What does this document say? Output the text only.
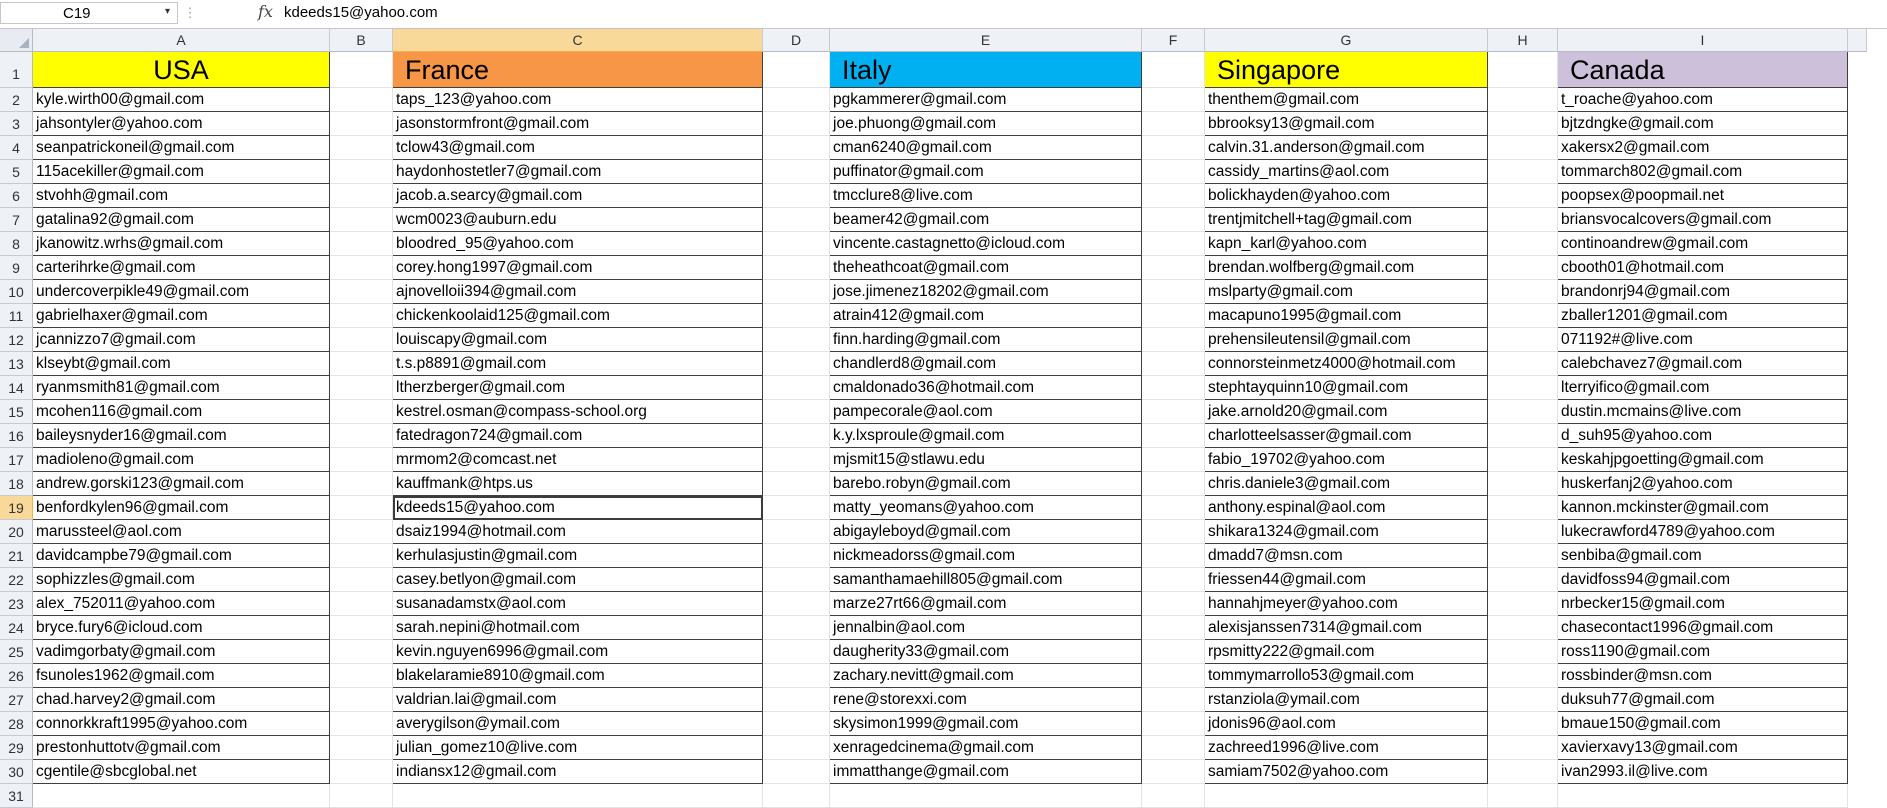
C19	▾ ⋮	fx kdeeds15@yahoo.com
A	B	C	D	E	F	G	H	I
1
2
3
4
5
6
7
8
9
10
11
12
13
14
15
16
17
18
19
20
21
22
23
24
25
26
27
28
29
30
31
USA	France	Italy	Singapore	Canada
kyle.wirth00@gmail.com	taps_123@yahoo.com	pgkammerer@gmail.com	thenthem@gmail.com	t_roache@yahoo.com
jahsontyler@yahoo.com	jasonstormfront@gmail.com	joe.phuong@gmail.com	bbrooksy13@gmail.com	bjtzdngke@gmail.com
seanpatrickoneil@gmail.com	tclow43@gmail.com	cman6240@gmail.com	calvin.31.anderson@gmail.com	xakersx2@gmail.com
115acekiller@gmail.com	haydonhostetler7@gmail.com	puffinator@gmail.com	cassidy_martins@aol.com	tommarch802@gmail.com
stvohh@gmail.com	jacob.a.searcy@gmail.com	tmcclure8@live.com	bolickhayden@yahoo.com	poopsex@poopmail.net
gatalina92@gmail.com	wcm0023@auburn.edu	beamer42@gmail.com	trentjmitchell+tag@gmail.com	briansvocalcovers@gmail.com
jkanowitz.wrhs@gmail.com	bloodred_95@yahoo.com	vincente.castagnetto@icloud.com	kapn_karl@yahoo.com	continoandrew@gmail.com
carterihrke@gmail.com	corey.hong1997@gmail.com	theheathcoat@gmail.com	brendan.wolfberg@gmail.com	cbooth01@hotmail.com
undercoverpikle49@gmail.com	ajnovelloii394@gmail.com	jose.jimenez18202@gmail.com	mslparty@gmail.com	brandonrj94@gmail.com
gabrielhaxer@gmail.com	chickenkoolaid125@gmail.com	atrain412@gmail.com	macapuno1995@gmail.com	zballer1201@gmail.com
jcannizzo7@gmail.com	louiscapy@gmail.com	finn.harding@gmail.com	prehensileutensil@gmail.com	071192#@live.com
klseybt@gmail.com	t.s.p8891@gmail.com	chandlerd8@gmail.com	connorsteinmetz4000@hotmail.com	calebchavez7@gmail.com
ryanmsmith81@gmail.com	ltherzberger@gmail.com	cmaldonado36@hotmail.com	stephtayquinn10@gmail.com	lterryifico@gmail.com
mcohen116@gmail.com	kestrel.osman@compass-school.org	pampecorale@aol.com	jake.arnold20@gmail.com	dustin.mcmains@live.com
baileysnyder16@gmail.com	fatedragon724@gmail.com	k.y.lxsproule@gmail.com	charlotteelsasser@gmail.com	d_suh95@yahoo.com
madioleno@gmail.com	mrmom2@comcast.net	mjsmit15@stlawu.edu	fabio_19702@yahoo.com	keskahjpgoetting@gmail.com
andrew.gorski123@gmail.com	kauffmank@htps.us	barebo.robyn@gmail.com	chris.daniele3@gmail.com	huskerfanj2@yahoo.com
benfordkylen96@gmail.com	kdeeds15@yahoo.com	matty_yeomans@yahoo.com	anthony.espinal@aol.com	kannon.mckinster@gmail.com
marussteel@aol.com	dsaiz1994@hotmail.com	abigayleboyd@gmail.com	shikara1324@gmail.com	lukecrawford4789@yahoo.com
davidcampbe79@gmail.com	kerhulasjustin@gmail.com	nickmeadorss@gmail.com	dmadd7@msn.com	senbiba@gmail.com
sophizzles@gmail.com	casey.betlyon@gmail.com	samanthamaehill805@gmail.com	friessen44@gmail.com	davidfoss94@gmail.com
alex_752011@yahoo.com	susanadamstx@aol.com	marze27rt66@gmail.com	hannahjmeyer@yahoo.com	nrbecker15@gmail.com
bryce.fury6@icloud.com	sarah.nepini@hotmail.com	jennalbin@aol.com	alexisjanssen7314@gmail.com	chasecontact1996@gmail.com
vadimgorbaty@gmail.com	kevin.nguyen6996@gmail.com	daugherity33@gmail.com	rpsmitty222@gmail.com	ross1190@gmail.com
fsunoles1962@gmail.com	blakelaramie8910@gmail.com	zachary.nevitt@gmail.com	tommymarrollo53@gmail.com	rossbinder@msn.com
chad.harvey2@gmail.com	valdrian.lai@gmail.com	rene@storexxi.com	rstanziola@ymail.com	duksuh77@gmail.com
connorkkraft1995@yahoo.com	averygilson@ymail.com	skysimon1999@gmail.com	jdonis96@aol.com	bmaue150@gmail.com
prestonhuttotv@gmail.com	julian_gomez10@live.com	xenragedcinema@gmail.com	zachreed1996@live.com	xavierxavy13@gmail.com
cgentile@sbcglobal.net	indiansx12@gmail.com	immatthange@gmail.com	samiam7502@yahoo.com	ivan2993.il@live.com
